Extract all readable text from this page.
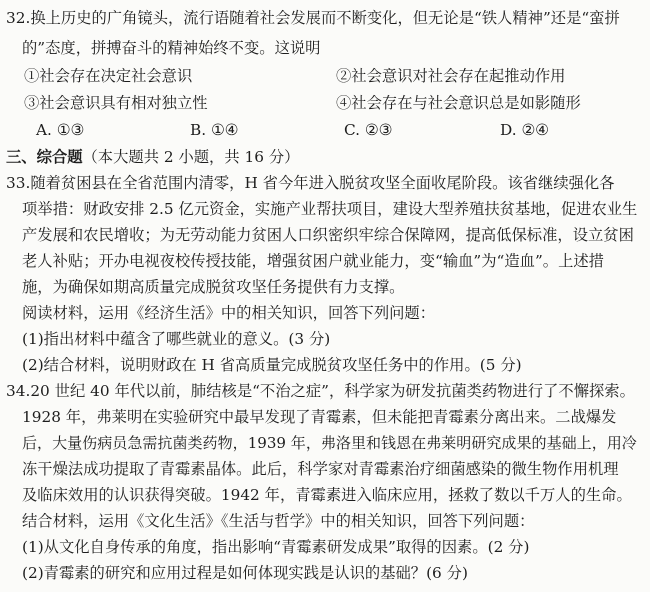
32.换上历史的广角镜头，流行语随着社会发展而不断变化，但无论是“铁人精神”还是“蛮拼
的”态度，拼搏奋斗的精神始终不变。这说明
①社会存在决定社会意识	②社会意识对社会存在起推动作用
③社会意识具有相对独立性	④社会存在与社会意识总是如影随形
A. ①③	B. ①④	C. ②③	D. ②④
三、综合题（本大题共 2 小题，共 16 分）
33.随着贫困县在全省范围内清零，H 省今年进入脱贫攻坚全面收尾阶段。该省继续强化各
项举措：财政安排 2.5 亿元资金，实施产业帮扶项目，建设大型养殖扶贫基地，促进农业生
产发展和农民增收；为无劳动能力贫困人口织密织牢综合保障网，提高低保标准，设立贫困
老人补贴；开办电视夜校传授技能，增强贫困户就业能力，变“输血”为“造血”。上述措
施，为确保如期高质量完成脱贫攻坚任务提供有力支撑。
阅读材料，运用《经济生活》中的相关知识，回答下列问题：
(1)指出材料中蕴含了哪些就业的意义。(3 分)
(2)结合材料，说明财政在 H 省高质量完成脱贫攻坚任务中的作用。(5 分)
34.20 世纪 40 年代以前，肺结核是“不治之症”，科学家为研发抗菌类药物进行了不懈探索。
1928 年，弗莱明在实验研究中最早发现了青霉素，但未能把青霉素分离出来。二战爆发
后，大量伤病员急需抗菌类药物，1939 年，弗洛里和钱恩在弗莱明研究成果的基础上，用冷
冻干燥法成功提取了青霉素晶体。此后，科学家对青霉素治疗细菌感染的微生物作用机理
及临床效用的认识获得突破。1942 年，青霉素进入临床应用，拯救了数以千万人的生命。
结合材料，运用《文化生活》《生活与哲学》中的相关知识，回答下列问题：
(1)从文化自身传承的角度，指出影响“青霉素研发成果”取得的因素。(2 分)
(2)青霉素的研究和应用过程是如何体现实践是认识的基础？(6 分)
